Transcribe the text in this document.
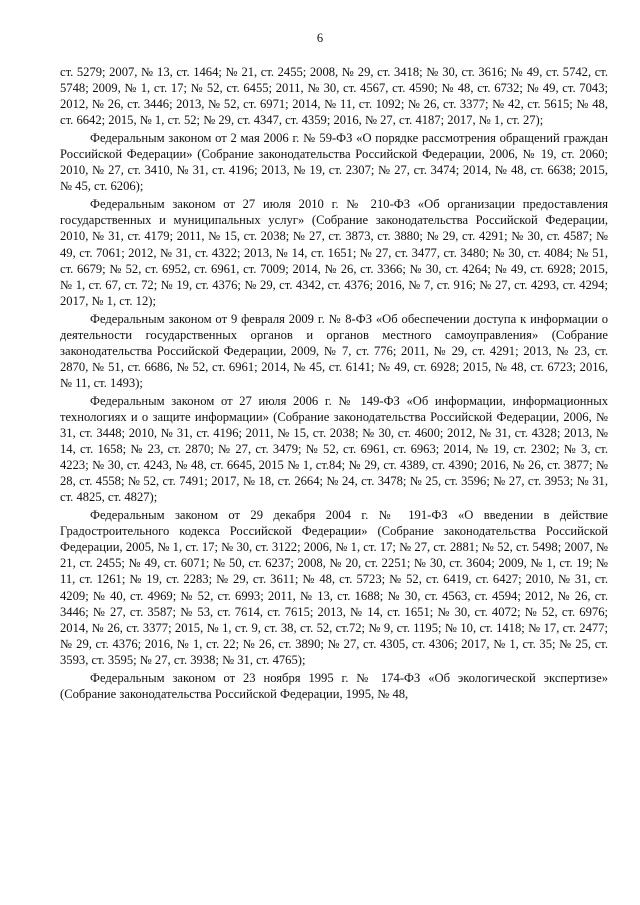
6

ст. 5279; 2007, № 13, ст. 1464; № 21, ст. 2455; 2008, № 29, ст. 3418; № 30, ст. 3616; № 49, ст. 5742, ст. 5748; 2009, № 1, ст. 17; № 52, ст. 6455; 2011, № 30, ст. 4567, ст. 4590; № 48, ст. 6732; № 49, ст. 7043; 2012, № 26, ст. 3446; 2013, № 52, ст. 6971; 2014, № 11, ст. 1092; № 26, ст. 3377; № 42, ст. 5615; № 48, ст. 6642; 2015, № 1, ст. 52; № 29, ст. 4347, ст. 4359; 2016, № 27, ст. 4187; 2017, № 1, ст. 27);

Федеральным законом от 2 мая 2006 г. № 59-ФЗ «О порядке рассмотрения обращений граждан Российской Федерации» (Собрание законодательства Российской Федерации, 2006, № 19, ст. 2060; 2010, № 27, ст. 3410, № 31, ст. 4196; 2013, № 19, ст. 2307; № 27, ст. 3474; 2014, № 48, ст. 6638; 2015, № 45, ст. 6206);

Федеральным законом от 27 июля 2010 г. № 210-ФЗ «Об организации предоставления государственных и муниципальных услуг» (Собрание законодательства Российской Федерации, 2010, № 31, ст. 4179; 2011, № 15, ст. 2038; № 27, ст. 3873, ст. 3880; № 29, ст. 4291; № 30, ст. 4587; № 49, ст. 7061; 2012, № 31, ст. 4322; 2013, № 14, ст. 1651; № 27, ст. 3477, ст. 3480; № 30, ст. 4084; № 51, ст. 6679; № 52, ст. 6952, ст. 6961, ст. 7009; 2014, № 26, ст. 3366; № 30, ст. 4264; № 49, ст. 6928; 2015, № 1, ст. 67, ст. 72; № 19, ст. 4376; № 29, ст. 4342, ст. 4376; 2016, № 7, ст. 916; № 27, ст. 4293, ст. 4294; 2017, № 1, ст. 12);

Федеральным законом от 9 февраля 2009 г. № 8-ФЗ «Об обеспечении доступа к информации о деятельности государственных органов и органов местного самоуправления» (Собрание законодательства Российской Федерации, 2009, № 7, ст. 776; 2011, № 29, ст. 4291; 2013, № 23, ст. 2870, № 51, ст. 6686, № 52, ст. 6961; 2014, № 45, ст. 6141; № 49, ст. 6928; 2015, № 48, ст. 6723; 2016, № 11, ст. 1493);

Федеральным законом от 27 июля 2006 г. № 149-ФЗ «Об информации, информационных технологиях и о защите информации» (Собрание законодательства Российской Федерации, 2006, № 31, ст. 3448; 2010, № 31, ст. 4196; 2011, № 15, ст. 2038; № 30, ст. 4600; 2012, № 31, ст. 4328; 2013, № 14, ст. 1658; № 23, ст. 2870; № 27, ст. 3479; № 52, ст. 6961, ст. 6963; 2014, № 19, ст. 2302; № 3, ст. 4223; № 30, ст. 4243, № 48, ст. 6645, 2015 № 1, ст.84; № 29, ст. 4389, ст. 4390; 2016, № 26, ст. 3877; № 28, ст. 4558; № 52, ст. 7491; 2017, № 18, ст. 2664; № 24, ст. 3478; № 25, ст. 3596; № 27, ст. 3953; № 31, ст. 4825, ст. 4827);

Федеральным законом от 29 декабря 2004 г. № 191-ФЗ «О введении в действие Градостроительного кодекса Российской Федерации» (Собрание законодательства Российской Федерации, 2005, № 1, ст. 17; № 30, ст. 3122; 2006, № 1, ст. 17; № 27, ст. 2881; № 52, ст. 5498; 2007, № 21, ст. 2455; № 49, ст. 6071; № 50, ст. 6237; 2008, № 20, ст. 2251; № 30, ст. 3604; 2009, № 1, ст. 19; № 11, ст. 1261; № 19, ст. 2283; № 29, ст. 3611; № 48, ст. 5723; № 52, ст. 6419, ст. 6427; 2010, № 31, ст. 4209; № 40, ст. 4969; № 52, ст. 6993; 2011, № 13, ст. 1688; № 30, ст. 4563, ст. 4594; 2012, № 26, ст. 3446; № 27, ст. 3587; № 53, ст. 7614, ст. 7615; 2013, № 14, ст. 1651; № 30, ст. 4072; № 52, ст. 6976; 2014, № 26, ст. 3377; 2015, № 1, ст. 9, ст. 38, ст. 52, ст.72; № 9, ст. 1195; № 10, ст. 1418; № 17, ст. 2477; № 29, ст. 4376; 2016, № 1, ст. 22; № 26, ст. 3890; № 27, ст. 4305, ст. 4306; 2017, № 1, ст. 35; № 25, ст. 3593, ст. 3595; № 27, ст. 3938; № 31, ст. 4765);

Федеральным законом от 23 ноября 1995 г. № 174-ФЗ «Об экологической экспертизе» (Собрание законодательства Российской Федерации, 1995, № 48,
